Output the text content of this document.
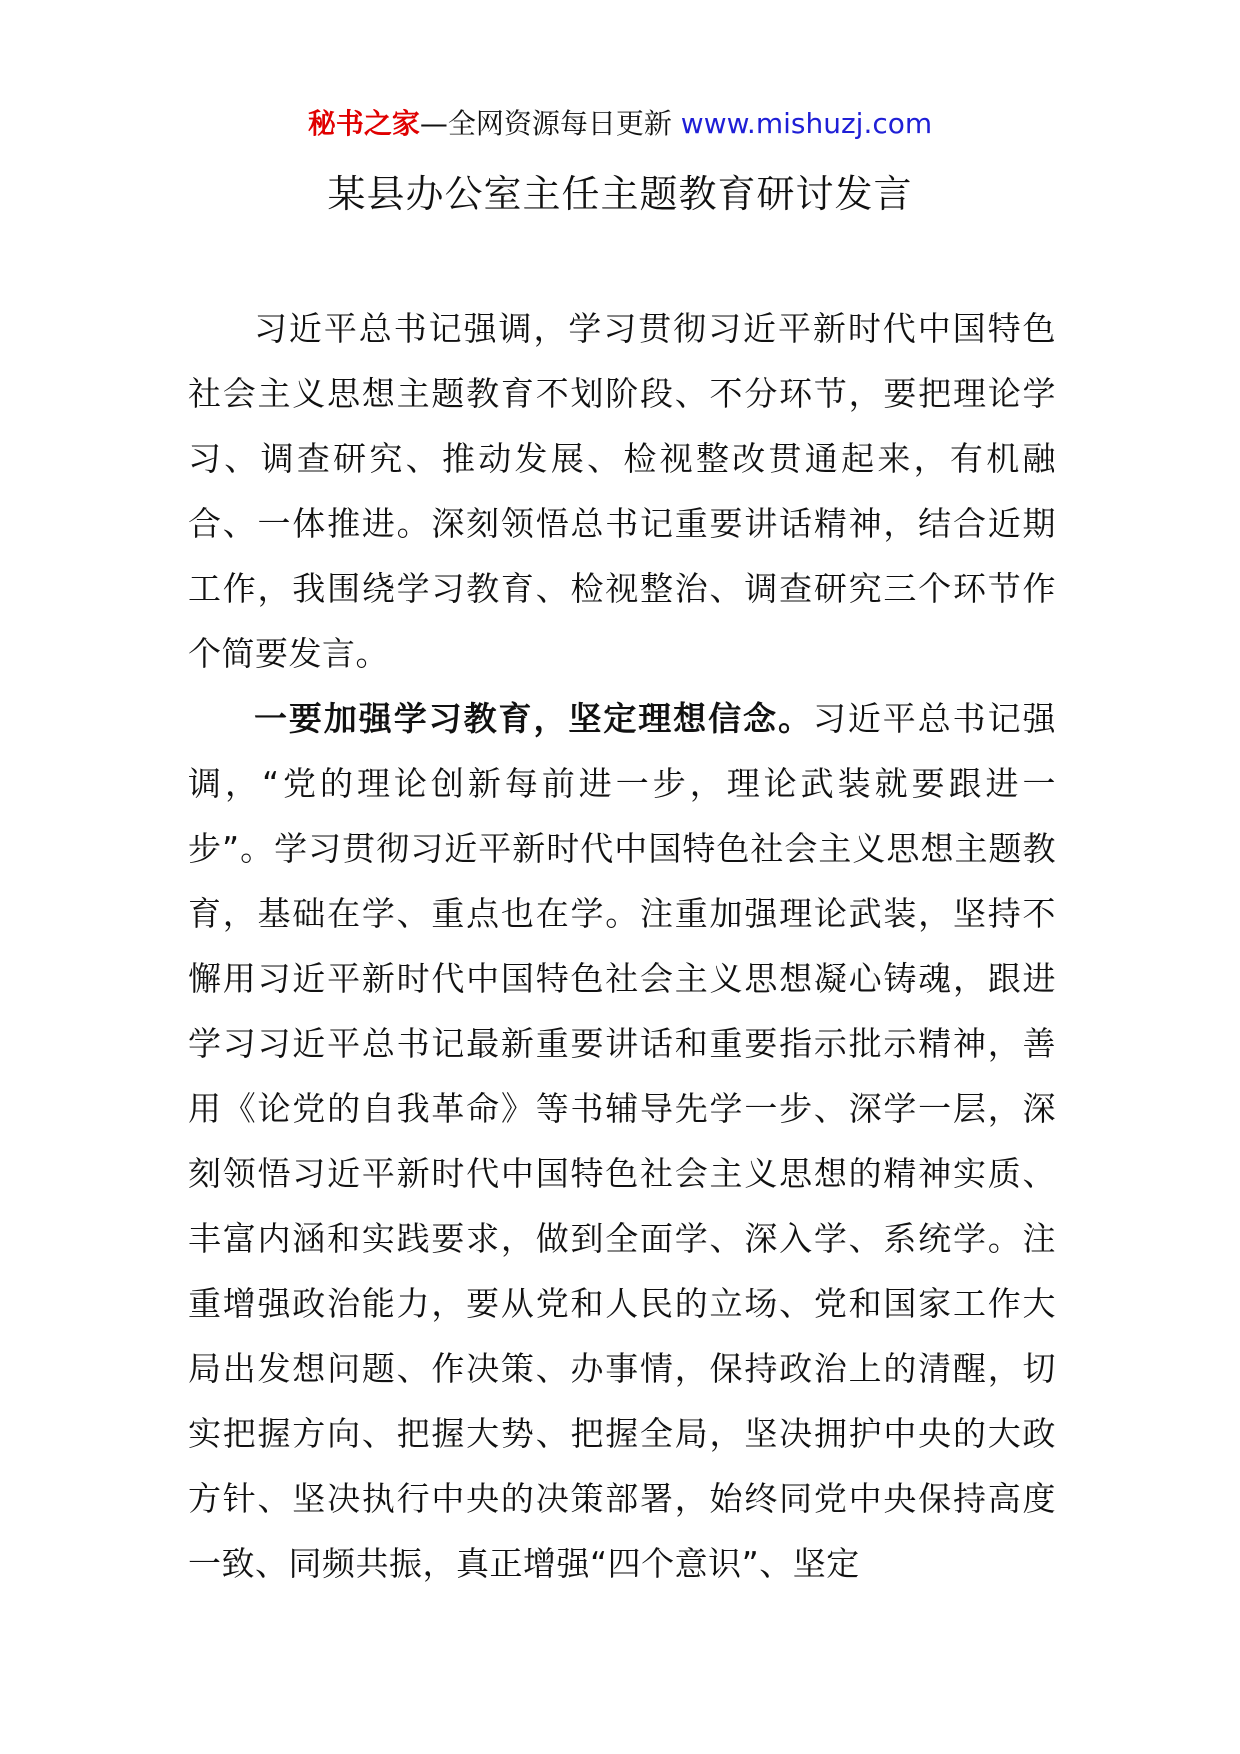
秘书之家—全网资源每日更新 www.mishuzj.com
某县办公室主任主题教育研讨发言

习近平总书记强调，学习贯彻习近平新时代中国特色社会主义思想主题教育不划阶段、不分环节，要把理论学习、调查研究、推动发展、检视整改贯通起来，有机融合、一体推进。深刻领悟总书记重要讲话精神，结合近期工作，我围绕学习教育、检视整治、调查研究三个环节作个简要发言。

一要加强学习教育，坚定理想信念。习近平总书记强调，“党的理论创新每前进一步，理论武装就要跟进一步”。学习贯彻习近平新时代中国特色社会主义思想主题教育，基础在学、重点也在学。注重加强理论武装，坚持不懈用习近平新时代中国特色社会主义思想凝心铸魂，跟进学习习近平总书记最新重要讲话和重要指示批示精神，善用《论党的自我革命》等书辅导先学一步、深学一层，深刻领悟习近平新时代中国特色社会主义思想的精神实质、丰富内涵和实践要求，做到全面学、深入学、系统学。注重增强政治能力，要从党和人民的立场、党和国家工作大局出发想问题、作决策、办事情，保持政治上的清醒，切实把握方向、把握大势、把握全局，坚决拥护中央的大政方针、坚决执行中央的决策部署，始终同党中央保持高度一致、同频共振，真正增强“四个意识”、坚定
